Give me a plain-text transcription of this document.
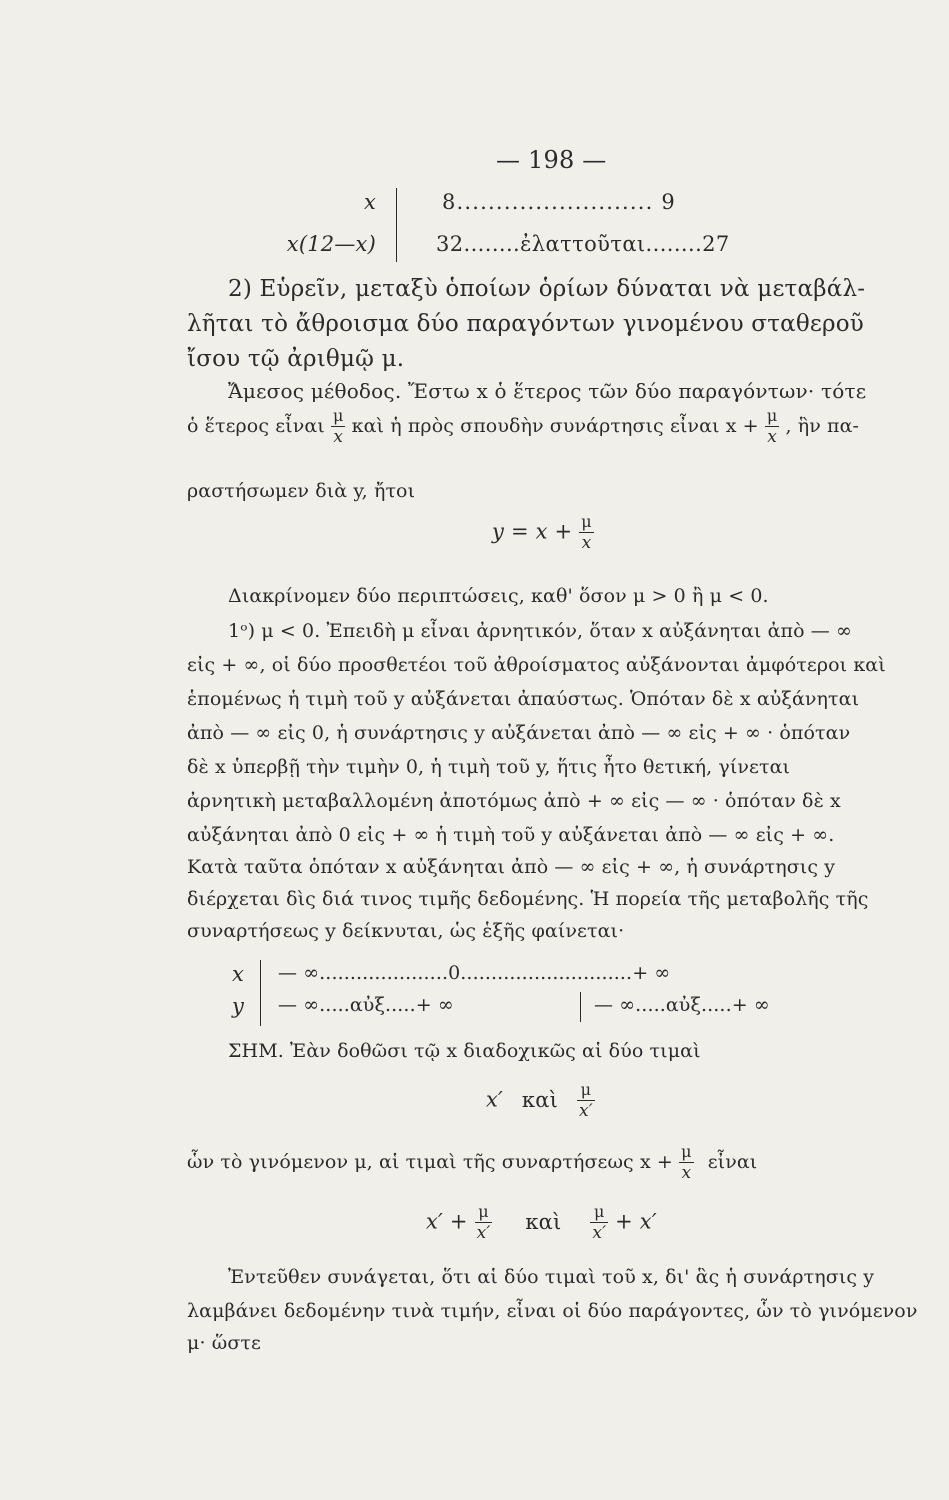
— 198 —
x	8......................... 9
x(12—x)	32........ἐλαττοῦται........27
2) Εὑρεῖν, μεταξὺ ὁποίων ὁρίων δύναται νὰ μεταβάλ-
λῆται τὸ ἄθροισμα δύο παραγόντων γινομένου σταθεροῦ
ἴσου τῷ ἀριθμῷ μ.
Ἄμεσος μέθοδος. Ἔστω x ὁ ἕτερος τῶν δύο παραγόντων· τότε
ὁ ἕτερος εἶναι $\frac{\mu}{x}$ καὶ ἡ πρὸς σπουδὴν συνάρτησις εἶναι $x + \frac{\mu}{x}$ , ἣν πα-
ραστήσωμεν διὰ y, ἤτοι
$y = x + \frac{\mu}{x}$
Διακρίνομεν δύο περιπτώσεις, καθ' ὅσον μ > 0 ἢ μ < 0.
1ᵒ) μ < 0. Ἐπειδὴ μ εἶναι ἀρνητικόν, ὅταν x αὐξάνηται ἀπὸ — ∞
εἰς + ∞, οἱ δύο προσθετέοι τοῦ ἀθροίσματος αὐξάνονται ἀμφότεροι καὶ
ἑπομένως ἡ τιμὴ τοῦ y αὐξάνεται ἀπαύστως. Ὁπόταν δὲ x αὐξάνηται
ἀπὸ — ∞ εἰς 0, ἡ συνάρτησις y αὐξάνεται ἀπὸ — ∞ εἰς + ∞ · ὁπόταν
δὲ x ὑπερβῇ τὴν τιμὴν 0, ἡ τιμὴ τοῦ y, ἥτις ἦτο θετική, γίνεται
ἀρνητικὴ μεταβαλλομένη ἀποτόμως ἀπὸ + ∞ εἰς — ∞ · ὁπόταν δὲ x
αὐξάνηται ἀπὸ 0 εἰς + ∞ ἡ τιμὴ τοῦ y αὐξάνεται ἀπὸ — ∞ εἰς + ∞.
Κατὰ ταῦτα ὁπόταν x αὐξάνηται ἀπὸ — ∞ εἰς + ∞, ἡ συνάρτησις y
διέρχεται δὶς διά τινος τιμῆς δεδομένης. Ἡ πορεία τῆς μεταβολῆς τῆς
συναρτήσεως y δείκνυται, ὡς ἑξῆς φαίνεται·
x — ∞.....................0............................+ ∞
y — ∞.....αὐξ.....+ ∞	— ∞.....αὐξ.....+ ∞
ΣΗΜ. Ἐὰν δοθῶσι τῷ x διαδοχικῶς αἱ δύο τιμαὶ
x′ καὶ $\frac{\mu}{x'}$
ὧν τὸ γινόμενον μ, αἱ τιμαὶ τῆς συναρτήσεως $x + \frac{\mu}{x}$ εἶναι
$x' + \frac{\mu}{x'}$ καὶ $\frac{\mu}{x'} + x'$
Ἐντεῦθεν συνάγεται, ὅτι αἱ δύο τιμαὶ τοῦ x, δι' ἃς ἡ συνάρτησις y
λαμβάνει δεδομένην τινὰ τιμήν, εἶναι οἱ δύο παράγοντες, ὧν τὸ γινόμενον
μ· ὥστε
